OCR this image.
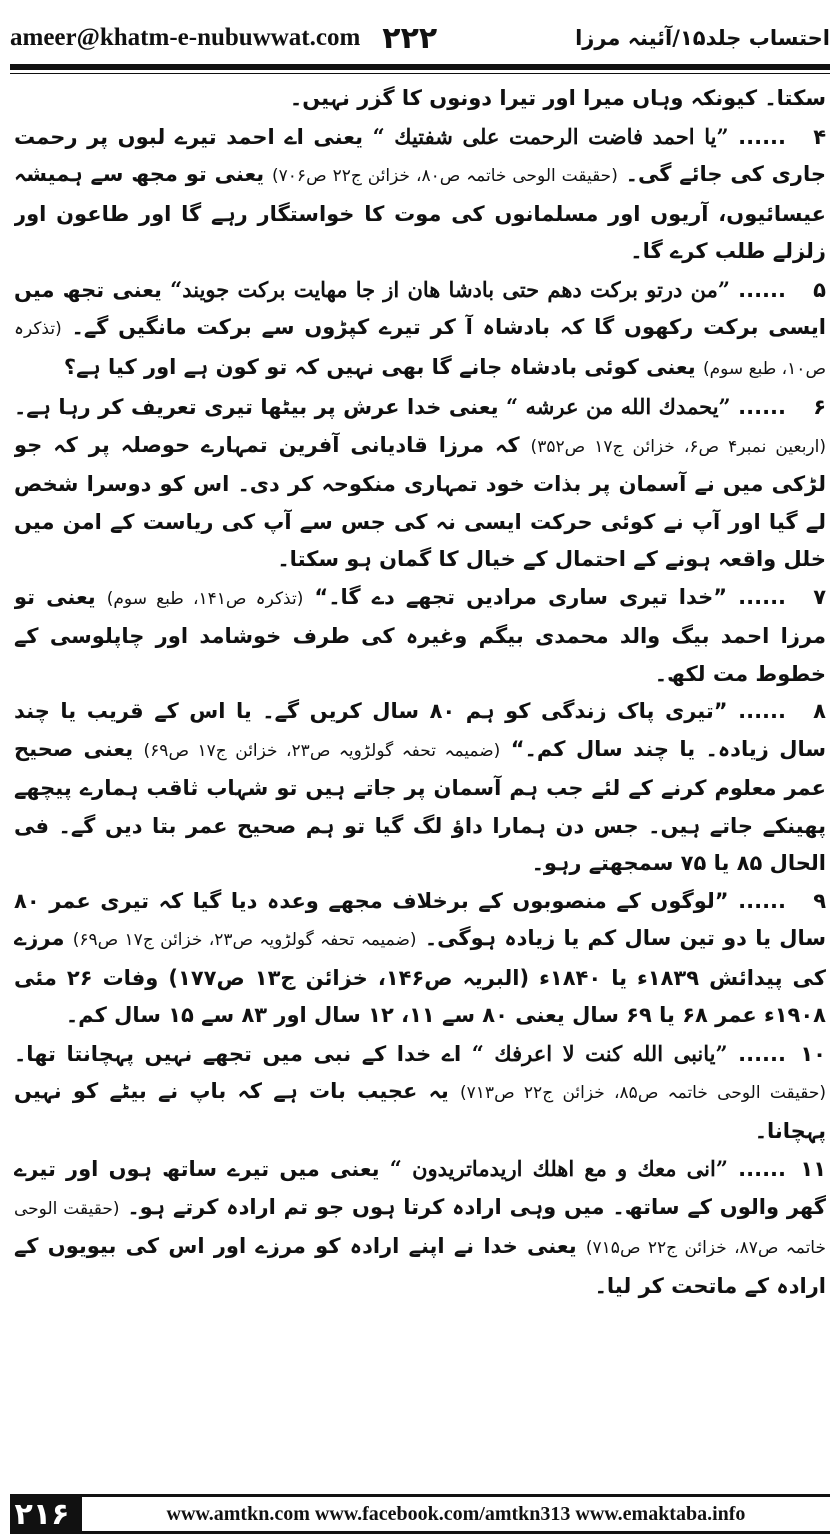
ameer@khatm-e-nubuwwat.com ۲۲۲	احتساب جلد۱۵/آئینہ مرزا

سکتا۔ کیونکہ وہاں میرا اور تیرا دونوں کا گزر نہیں۔

۴...... ”یا احمد فاضت الرحمت علی شفتیك “ یعنی اے احمد تیرے لبوں پر رحمت جاری کی جائے گی۔ (حقیقت الوحی خاتمہ ص۸۰، خزائن ج۲۲ ص۷۰۶) یعنی تو مجھ سے ہمیشہ عیسائیوں، آریوں اور مسلمانوں کی موت کا خواستگار رہے گا اور طاعون اور زلزلے طلب کرے گا۔

۵...... ”من درتو برکت دهم حتی بادشا هان از جا مهایت برکت جویند“ یعنی تجھ میں ایسی برکت رکھوں گا کہ بادشاہ آ کر تیرے کپڑوں سے برکت مانگیں گے۔ (تذکرہ ص۱۰، طبع سوم) یعنی کوئی بادشاہ جانے گا بھی نہیں کہ تو کون ہے اور کیا ہے؟

۶...... ”یحمدك الله من عرشه “ یعنی خدا عرش پر بیٹھا تیری تعریف کر رہا ہے۔ (اربعین نمبر۴ ص۶، خزائن ج۱۷ ص۳۵۲) کہ مرزا قادیانی آفرین تمہارے حوصلہ پر کہ جو لڑکی میں نے آسمان پر بذات خود تمہاری منکوحہ کر دی۔ اس کو دوسرا شخص لے گیا اور آپ نے کوئی حرکت ایسی نہ کی جس سے آپ کی ریاست کے امن میں خلل واقعہ ہونے کے احتمال کے خیال کا گمان ہو سکتا۔

۷...... ”خدا تیری ساری مرادیں تجھے دے گا۔“ (تذکرہ ص۱۴۱، طبع سوم) یعنی تو مرزا احمد بیگ والد محمدی بیگم وغیرہ کی طرف خوشامد اور چاپلوسی کے خطوط مت لکھ۔

۸...... ”تیری پاک زندگی کو ہم ۸۰ سال کریں گے۔ یا اس کے قریب یا چند سال زیادہ۔ یا چند سال کم۔“ (ضمیمہ تحفہ گولڑویہ ص۲۳، خزائن ج۱۷ ص۶۹) یعنی صحیح عمر معلوم کرنے کے لئے جب ہم آسمان پر جاتے ہیں تو شہاب ثاقب ہمارے پیچھے پھینکے جاتے ہیں۔ جس دن ہمارا داؤ لگ گیا تو ہم صحیح عمر بتا دیں گے۔ فی الحال ۸۵ یا ۷۵ سمجھتے رہو۔

۹...... ”لوگوں کے منصوبوں کے برخلاف مجھے وعدہ دیا گیا کہ تیری عمر ۸۰ سال یا دو تین سال کم یا زیادہ ہوگی۔ (ضمیمہ تحفہ گولڑویہ ص۲۳، خزائن ج۱۷ ص۶۹) مرزے کی پیدائش ۱۸۳۹ء یا ۱۸۴۰ء (البریہ ص۱۴۶، خزائن ج۱۳ ص۱۷۷) وفات ۲۶ مئی ۱۹۰۸ء عمر ۶۸ یا ۶۹ سال یعنی ۸۰ سے ۱۱، ۱۲ سال اور ۸۳ سے ۱۵ سال کم۔

۱۰...... ”یانبی الله کنت لا اعرفك “ اے خدا کے نبی میں تجھے نہیں پہچانتا تھا۔ (حقیقت الوحی خاتمہ ص۸۵، خزائن ج۲۲ ص۷۱۳) یہ عجیب بات ہے کہ باپ نے بیٹے کو نہیں پہچانا۔

۱۱...... ”انی معك و مع اهلك اریدماتریدون “ یعنی میں تیرے ساتھ ہوں اور تیرے گھر والوں کے ساتھ۔ میں وہی ارادہ کرتا ہوں جو تم ارادہ کرتے ہو۔ (حقیقت الوحی خاتمہ ص۸۷، خزائن ج۲۲ ص۷۱۵) یعنی خدا نے اپنے ارادہ کو مرزے اور اس کی بیویوں کے ارادہ کے ماتحت کر لیا۔

۲۱۶	www.amtkn.com www.facebook.com/amtkn313 www.emaktaba.info
